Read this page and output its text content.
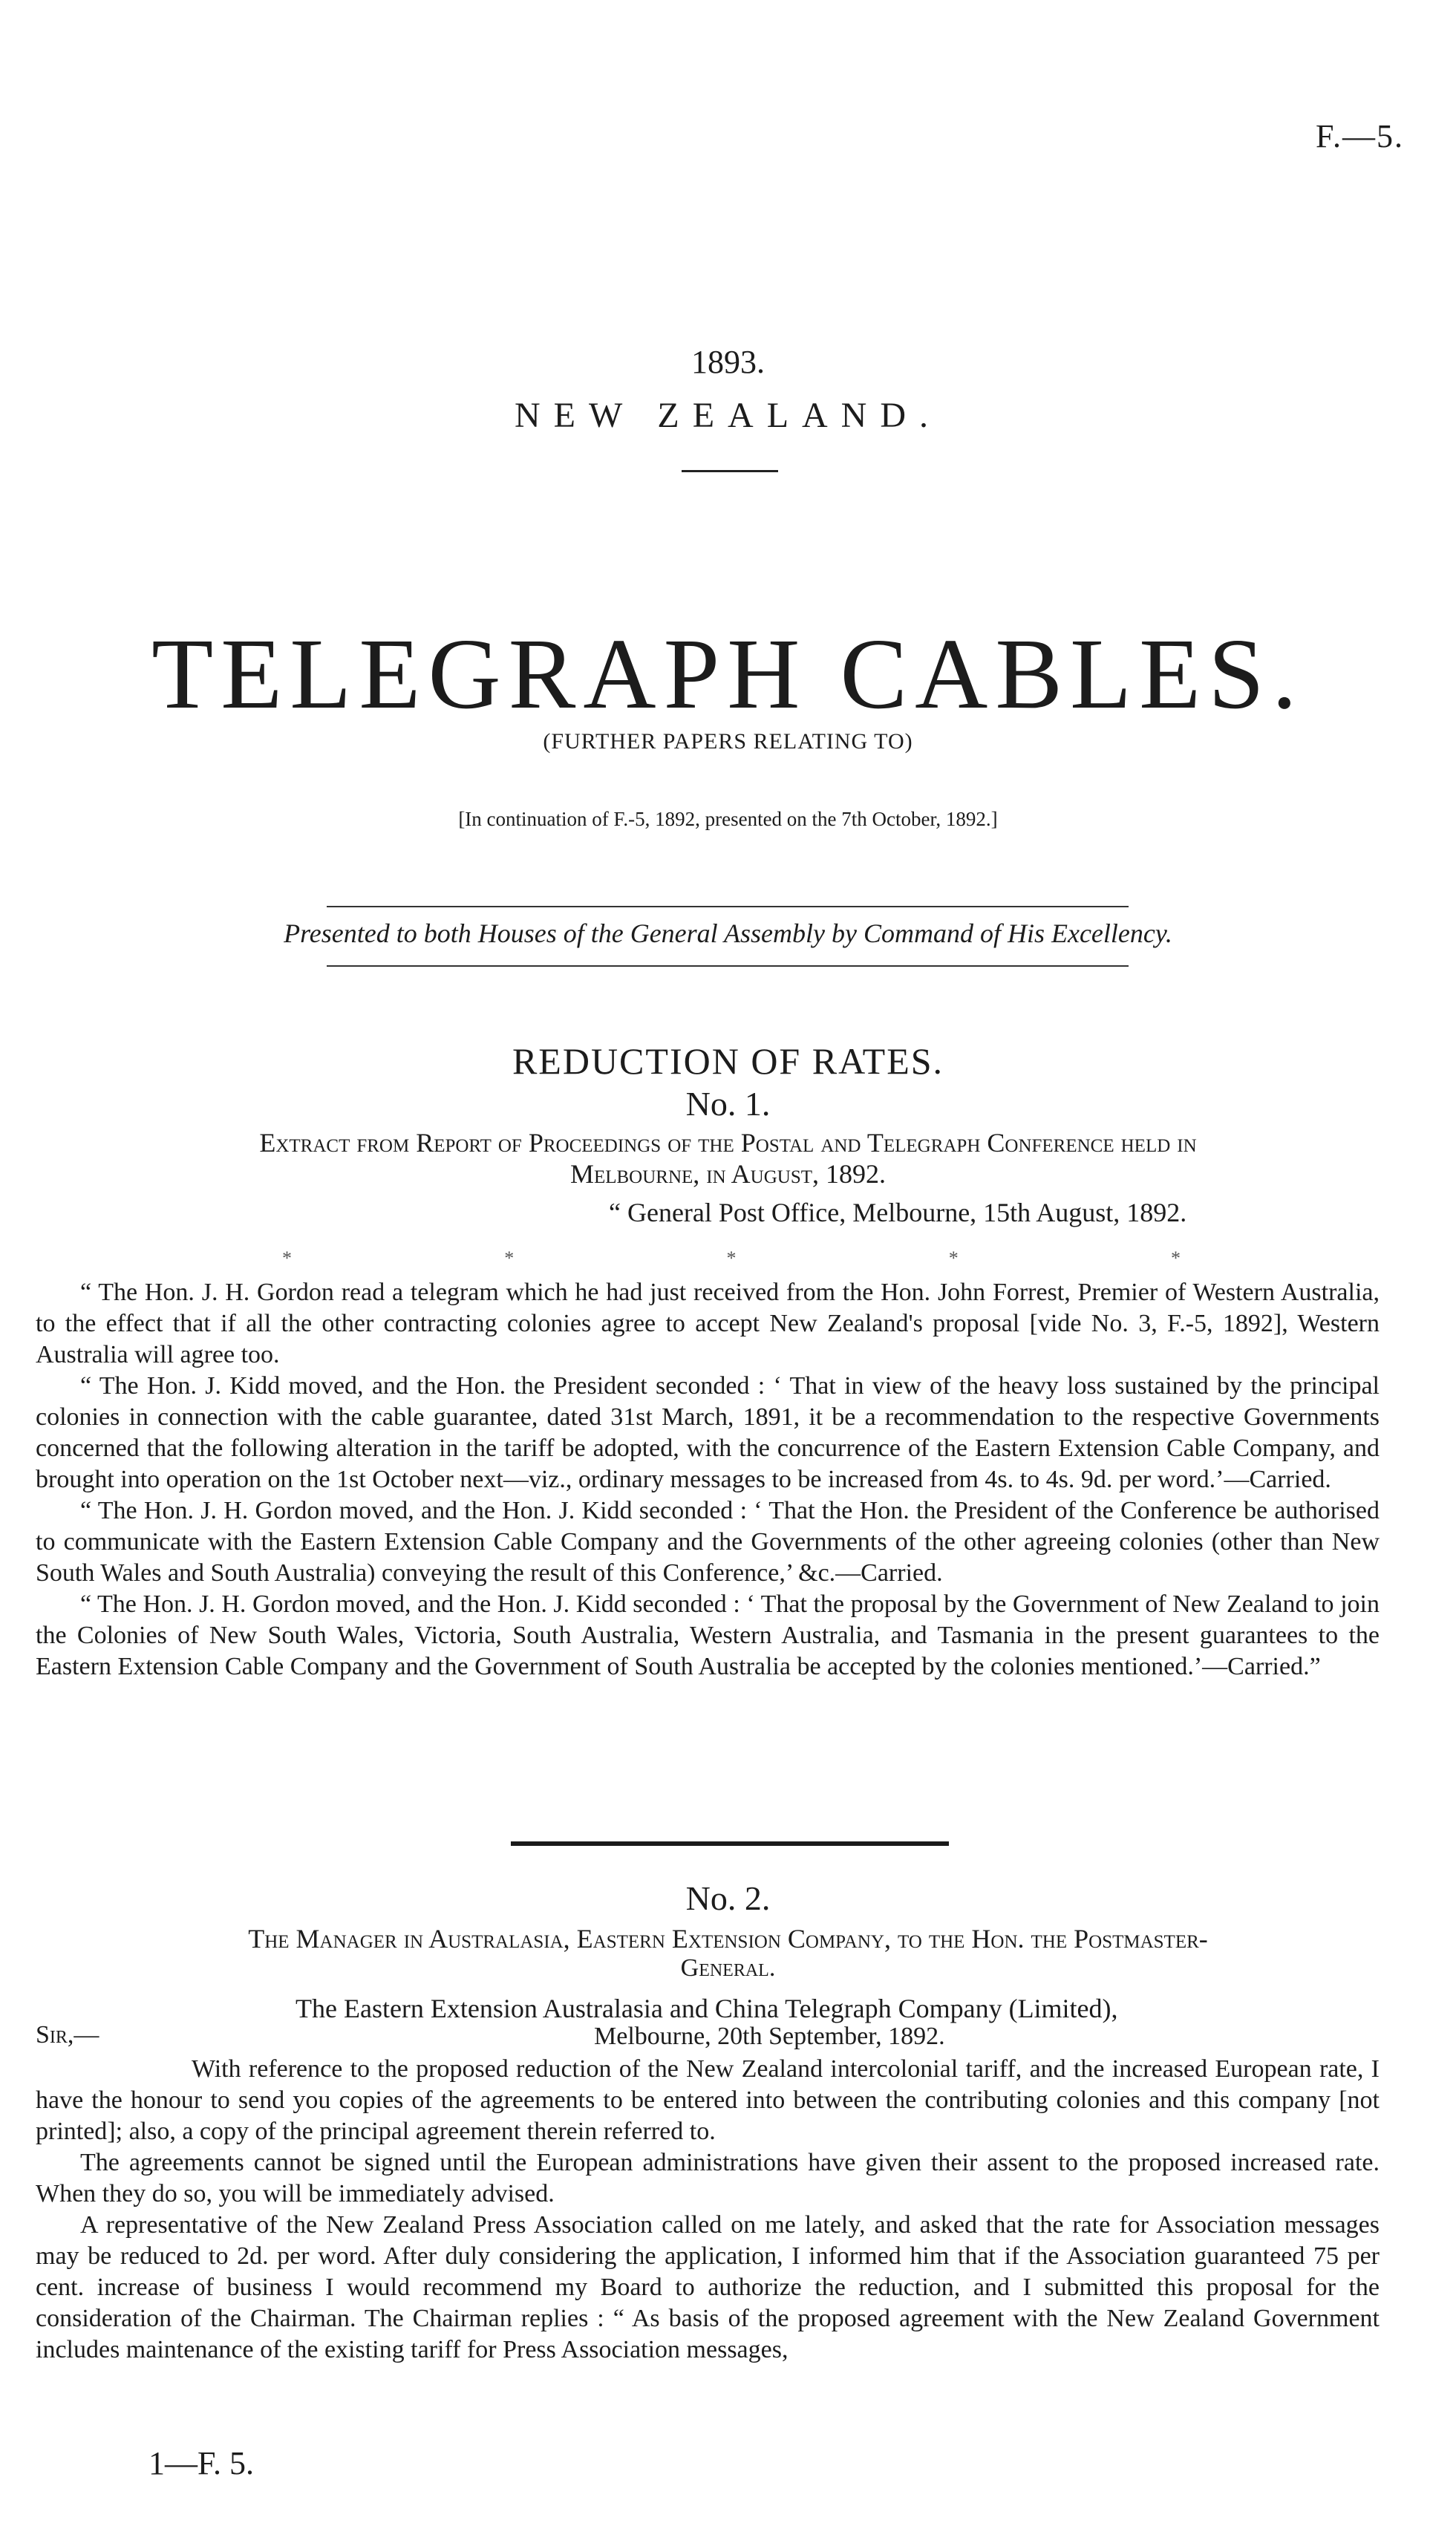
F.—5.
1893.
NEW ZEALAND.
TELEGRAPH CABLES.
(FURTHER PAPERS RELATING TO)
[In continuation of F.-5, 1892, presented on the 7th October, 1892.]
Presented to both Houses of the General Assembly by Command of His Excellency.
REDUCTION OF RATES.
No. 1.
Extract from Report of Proceedings of the Postal and Telegraph Conference held in
Melbourne, in August, 1892.
“ General Post Office, Melbourne, 15th August, 1892.
*	*	*	*	*

“ The Hon. J. H. Gordon read a telegram which he had just received from the Hon. John Forrest, Premier of Western Australia, to the effect that if all the other contracting colonies agree to accept New Zealand's proposal [vide No. 3, F.-5, 1892], Western Australia will agree too.

“ The Hon. J. Kidd moved, and the Hon. the President seconded : ‘ That in view of the heavy loss sustained by the principal colonies in connection with the cable guarantee, dated 31st March, 1891, it be a recommendation to the respective Governments concerned that the following alteration in the tariff be adopted, with the concurrence of the Eastern Extension Cable Company, and brought into operation on the 1st October next—viz., ordinary messages to be increased from 4s. to 4s. 9d. per word.’—Carried.

“ The Hon. J. H. Gordon moved, and the Hon. J. Kidd seconded : ‘ That the Hon. the President of the Conference be authorised to communicate with the Eastern Extension Cable Company and the Governments of the other agreeing colonies (other than New South Wales and South Australia) conveying the result of this Conference,’ &c.—Carried.

“ The Hon. J. H. Gordon moved, and the Hon. J. Kidd seconded : ‘ That the proposal by the Government of New Zealand to join the Colonies of New South Wales, Victoria, South Australia, Western Australia, and Tasmania in the present guarantees to the Eastern Extension Cable Company and the Government of South Australia be accepted by the colonies mentioned.’—Carried.”

No. 2.
The Manager in Australasia, Eastern Extension Company, to the Hon. the Postmaster-
General.
The Eastern Extension Australasia and China Telegraph Company (Limited),
Sir,—	Melbourne, 20th September, 1892.

With reference to the proposed reduction of the New Zealand intercolonial tariff, and the increased European rate, I have the honour to send you copies of the agreements to be entered into between the contributing colonies and this company [not printed]; also, a copy of the principal agreement therein referred to.

The agreements cannot be signed until the European administrations have given their assent to the proposed increased rate. When they do so, you will be immediately advised.

A representative of the New Zealand Press Association called on me lately, and asked that the rate for Association messages may be reduced to 2d. per word. After duly considering the application, I informed him that if the Association guaranteed 75 per cent. increase of business I would recommend my Board to authorize the reduction, and I submitted this proposal for the consideration of the Chairman. The Chairman replies : “ As basis of the proposed agreement with the New Zealand Government includes maintenance of the existing tariff for Press Association messages,

1—F. 5.
